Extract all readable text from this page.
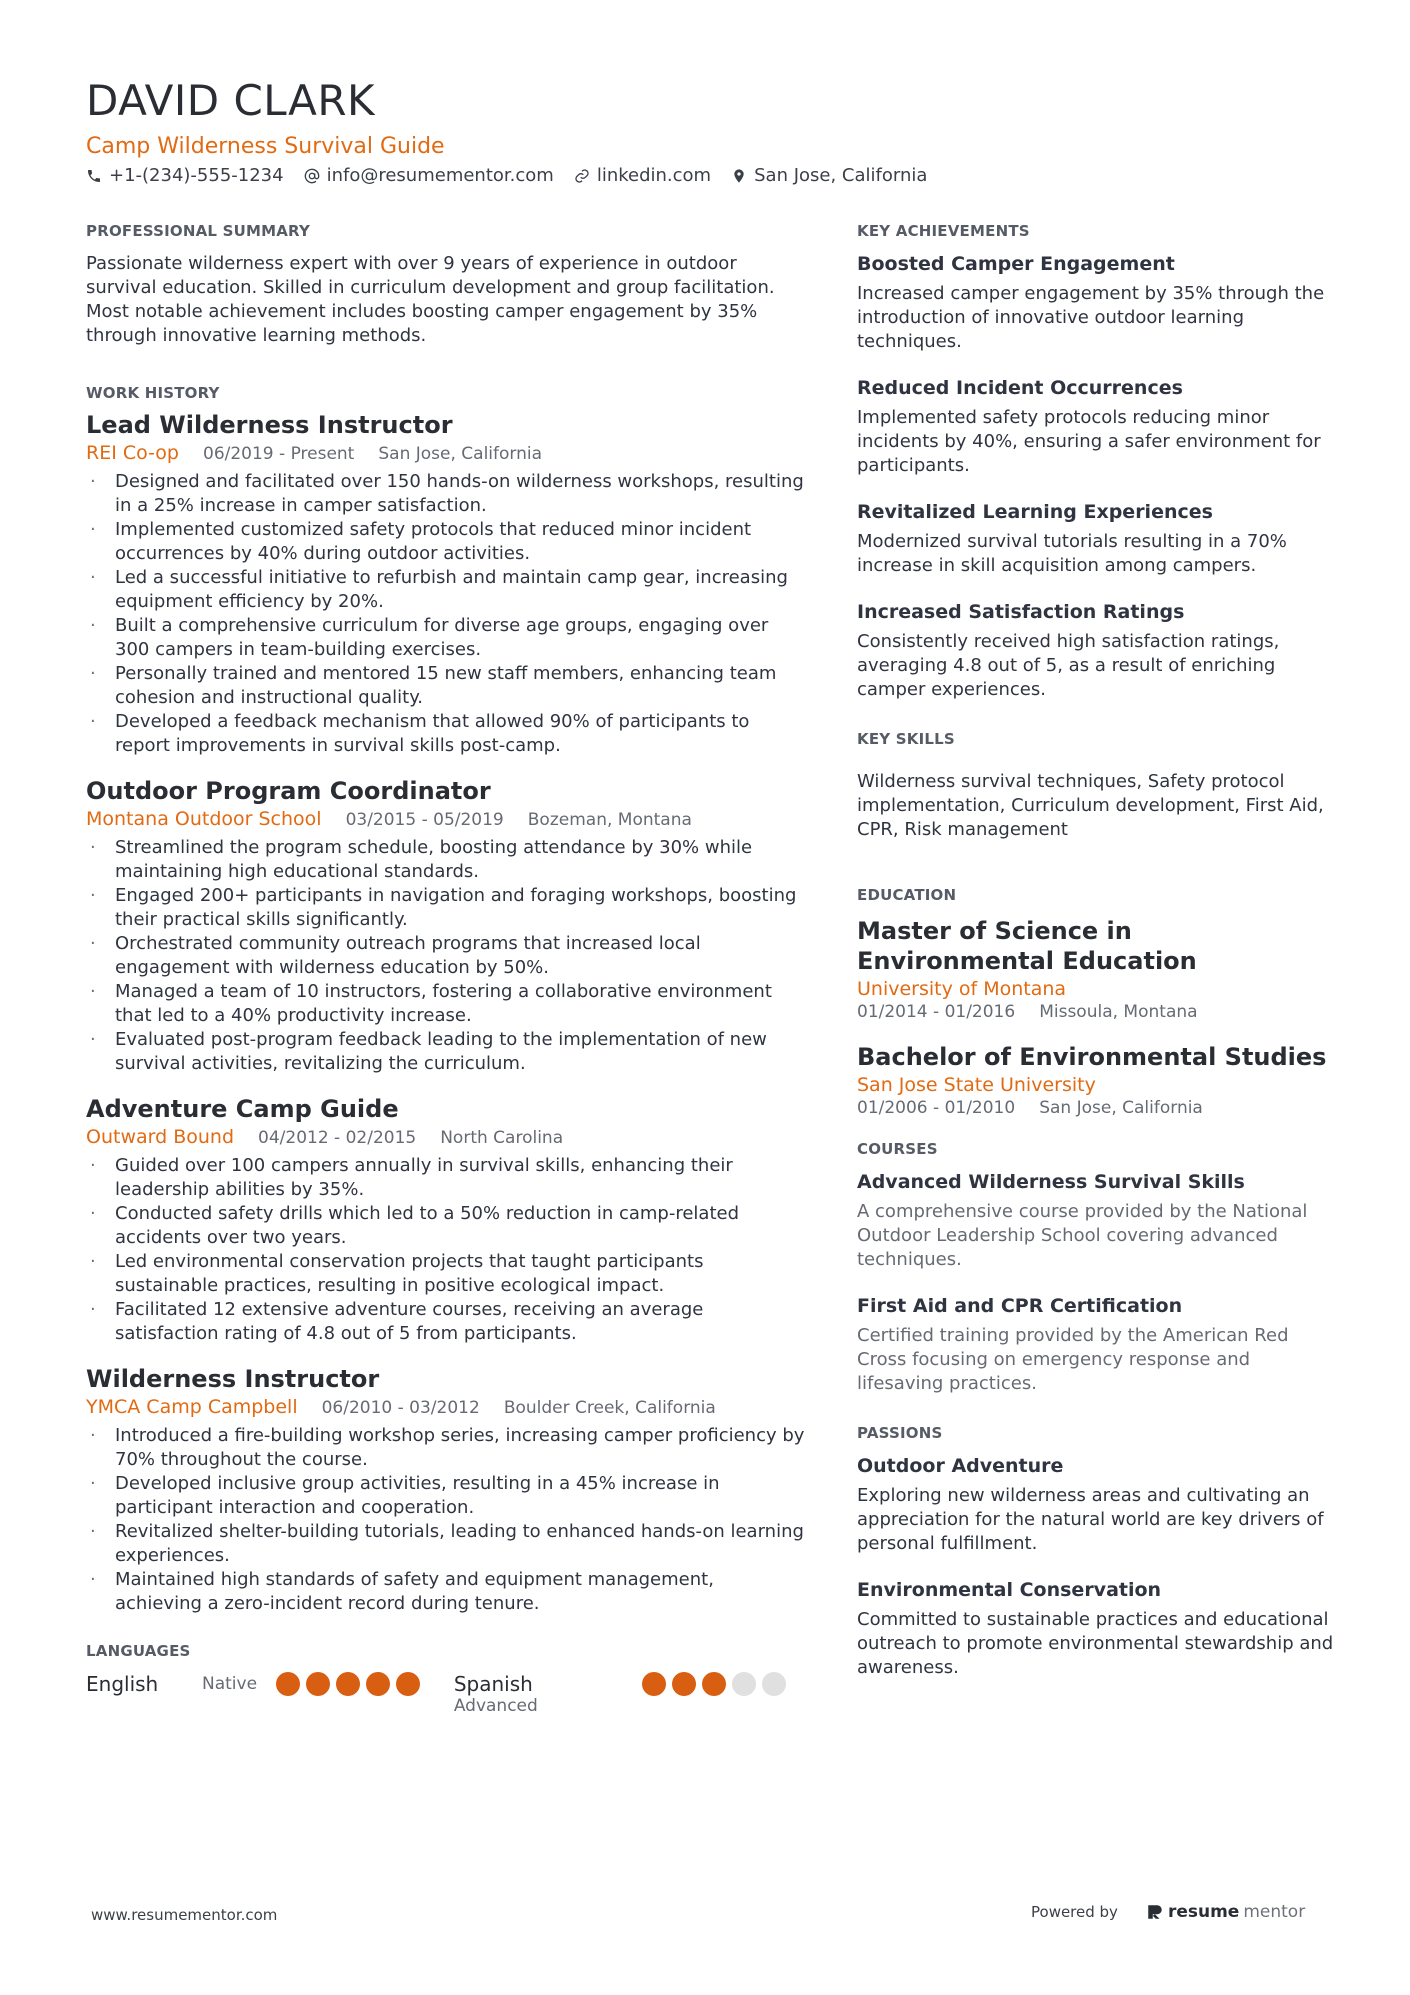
DAVID CLARK
Camp Wilderness Survival Guide
+1-(234)-555-1234 info@resumementor.com linkedin.com San Jose, California
PROFESSIONAL SUMMARY

Passionate wilderness expert with over 9 years of experience in outdoor survival education. Skilled in curriculum development and group facilitation. Most notable achievement includes boosting camper engagement by 35% through innovative learning methods.

WORK HISTORY
Lead Wilderness Instructor
REI Co-op 06/2019 - Present San Jose, California
· Designed and facilitated over 150 hands-on wilderness workshops, resulting in a 25% increase in camper satisfaction.
· Implemented customized safety protocols that reduced minor incident occurrences by 40% during outdoor activities.
· Led a successful initiative to refurbish and maintain camp gear, increasing equipment efficiency by 20%.
· Built a comprehensive curriculum for diverse age groups, engaging over 300 campers in team-building exercises.
· Personally trained and mentored 15 new staff members, enhancing team cohesion and instructional quality.
· Developed a feedback mechanism that allowed 90% of participants to report improvements in survival skills post-camp.
Outdoor Program Coordinator
Montana Outdoor School 03/2015 - 05/2019 Bozeman, Montana
· Streamlined the program schedule, boosting attendance by 30% while maintaining high educational standards.
· Engaged 200+ participants in navigation and foraging workshops, boosting their practical skills significantly.
· Orchestrated community outreach programs that increased local engagement with wilderness education by 50%.
· Managed a team of 10 instructors, fostering a collaborative environment that led to a 40% productivity increase.
· Evaluated post-program feedback leading to the implementation of new survival activities, revitalizing the curriculum.
Adventure Camp Guide
Outward Bound 04/2012 - 02/2015 North Carolina
· Guided over 100 campers annually in survival skills, enhancing their leadership abilities by 35%.
· Conducted safety drills which led to a 50% reduction in camp-related accidents over two years.
· Led environmental conservation projects that taught participants sustainable practices, resulting in positive ecological impact.
· Facilitated 12 extensive adventure courses, receiving an average satisfaction rating of 4.8 out of 5 from participants.
Wilderness Instructor
YMCA Camp Campbell 06/2010 - 03/2012 Boulder Creek, California
· Introduced a fire-building workshop series, increasing camper proficiency by 70% throughout the course.
· Developed inclusive group activities, resulting in a 45% increase in participant interaction and cooperation.
· Revitalized shelter-building tutorials, leading to enhanced hands-on learning experiences.
· Maintained high standards of safety and equipment management, achieving a zero-incident record during tenure.
LANGUAGES
English	Native	Spanish
Advanced
KEY ACHIEVEMENTS
Boosted Camper Engagement

Increased camper engagement by 35% through the introduction of innovative outdoor learning techniques.

Reduced Incident Occurrences

Implemented safety protocols reducing minor incidents by 40%, ensuring a safer environment for participants.

Revitalized Learning Experiences

Modernized survival tutorials resulting in a 70% increase in skill acquisition among campers.

Increased Satisfaction Ratings

Consistently received high satisfaction ratings, averaging 4.8 out of 5, as a result of enriching camper experiences.

KEY SKILLS

Wilderness survival techniques, Safety protocol implementation, Curriculum development, First Aid, CPR, Risk management

EDUCATION
Master of Science in Environmental Education
University of Montana
01/2014 - 01/2016 Missoula, Montana
Bachelor of Environmental Studies
San Jose State University
01/2006 - 01/2010 San Jose, California
COURSES
Advanced Wilderness Survival Skills

A comprehensive course provided by the National Outdoor Leadership School covering advanced techniques.

First Aid and CPR Certification

Certified training provided by the American Red Cross focusing on emergency response and lifesaving practices.

PASSIONS
Outdoor Adventure

Exploring new wilderness areas and cultivating an appreciation for the natural world are key drivers of personal fulfillment.

Environmental Conservation

Committed to sustainable practices and educational outreach to promote environmental stewardship and awareness.

www.resumementor.com	Powered by	resume mentor
